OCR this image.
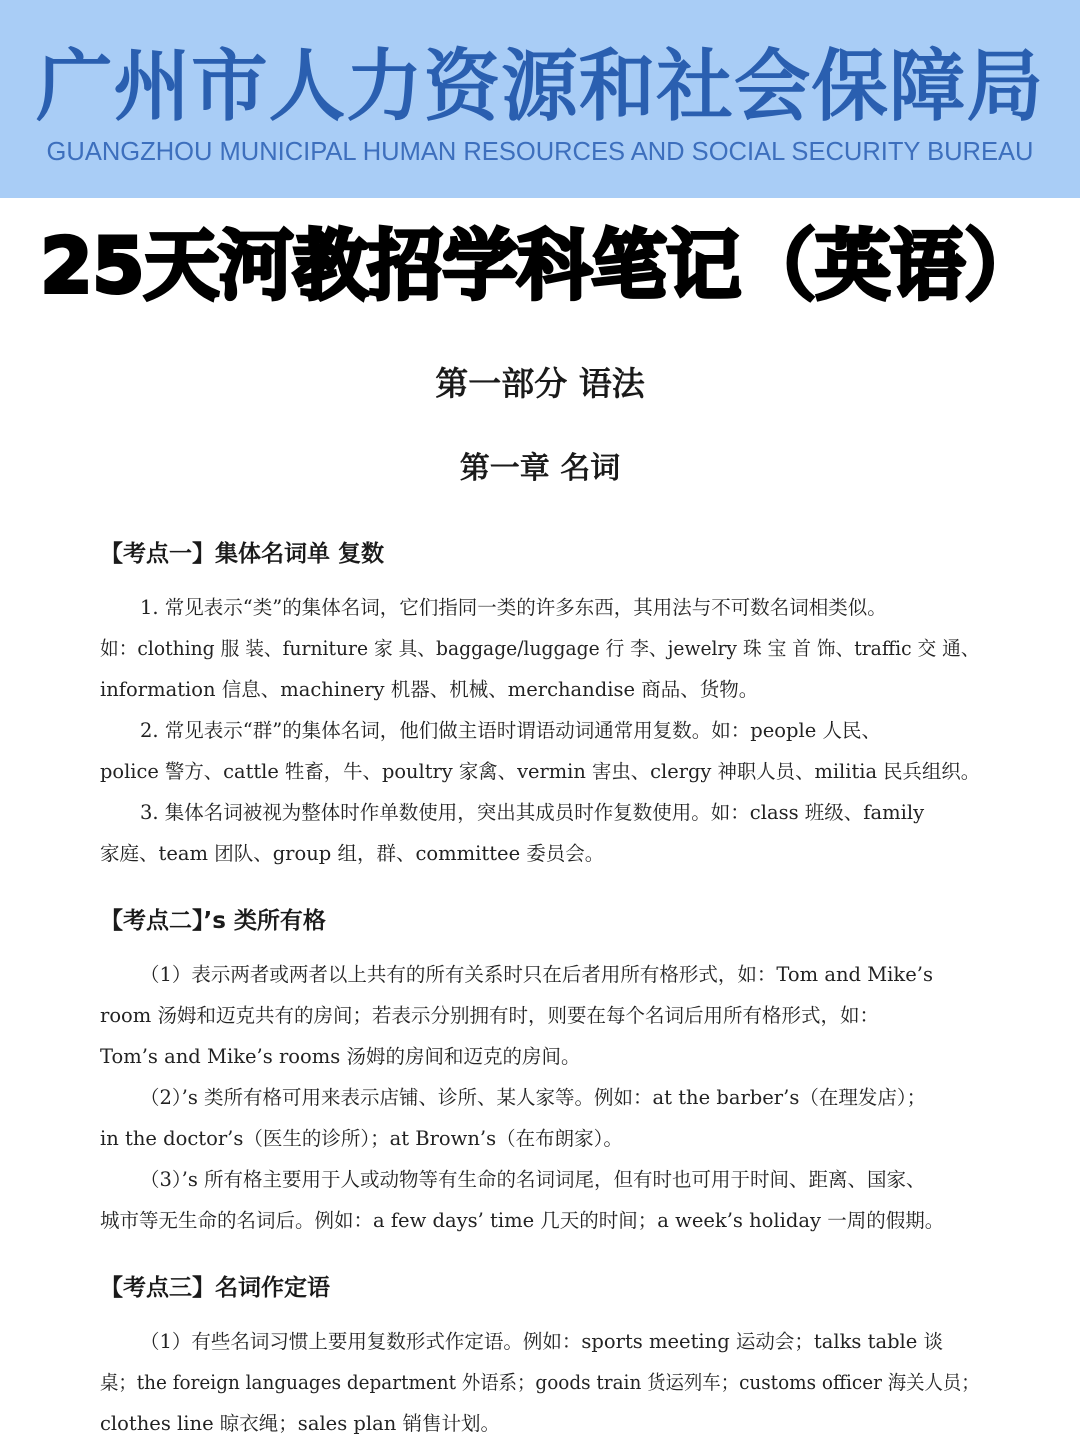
广州市人力资源和社会保障局
GUANGZHOU MUNICIPAL HUMAN RESOURCES AND SOCIAL SECURITY BUREAU
25天河教招学科笔记（英语）
第一部分 语法
第一章 名词
【考点一】集体名词单 复数
1. 常见表示“类”的集体名词，它们指同一类的许多东西，其用法与不可数名词相类似。
如：clothing 服 装、furniture 家 具、baggage/luggage 行 李、jewelry 珠 宝 首 饰、traffic 交 通、
information 信息、machinery 机器、机械、merchandise 商品、货物。
2. 常见表示“群”的集体名词，他们做主语时谓语动词通常用复数。如：people 人民、
police 警方、cattle 牲畜，牛、poultry 家禽、vermin 害虫、clergy 神职人员、militia 民兵组织。
3. 集体名词被视为整体时作单数使用，突出其成员时作复数使用。如：class 班级、family
家庭、team 团队、group 组，群、committee 委员会。
【考点二】’s 类所有格
（1）表示两者或两者以上共有的所有关系时只在后者用所有格形式，如：Tom and Mike’s
room 汤姆和迈克共有的房间；若表示分别拥有时，则要在每个名词后用所有格形式，如：
Tom’s and Mike’s rooms 汤姆的房间和迈克的房间。
（2）’s 类所有格可用来表示店铺、诊所、某人家等。例如：at the barber’s（在理发店）；
in the doctor’s（医生的诊所）；at Brown’s（在布朗家）。
（3）’s 所有格主要用于人或动物等有生命的名词词尾，但有时也可用于时间、距离、国家、
城市等无生命的名词后。例如：a few days’ time 几天的时间；a week’s holiday 一周的假期。
【考点三】名词作定语
（1）有些名词习惯上要用复数形式作定语。例如：sports meeting 运动会；talks table 谈
桌；the foreign languages department 外语系；goods train 货运列车；customs officer 海关人员；
clothes line 晾衣绳；sales plan 销售计划。
